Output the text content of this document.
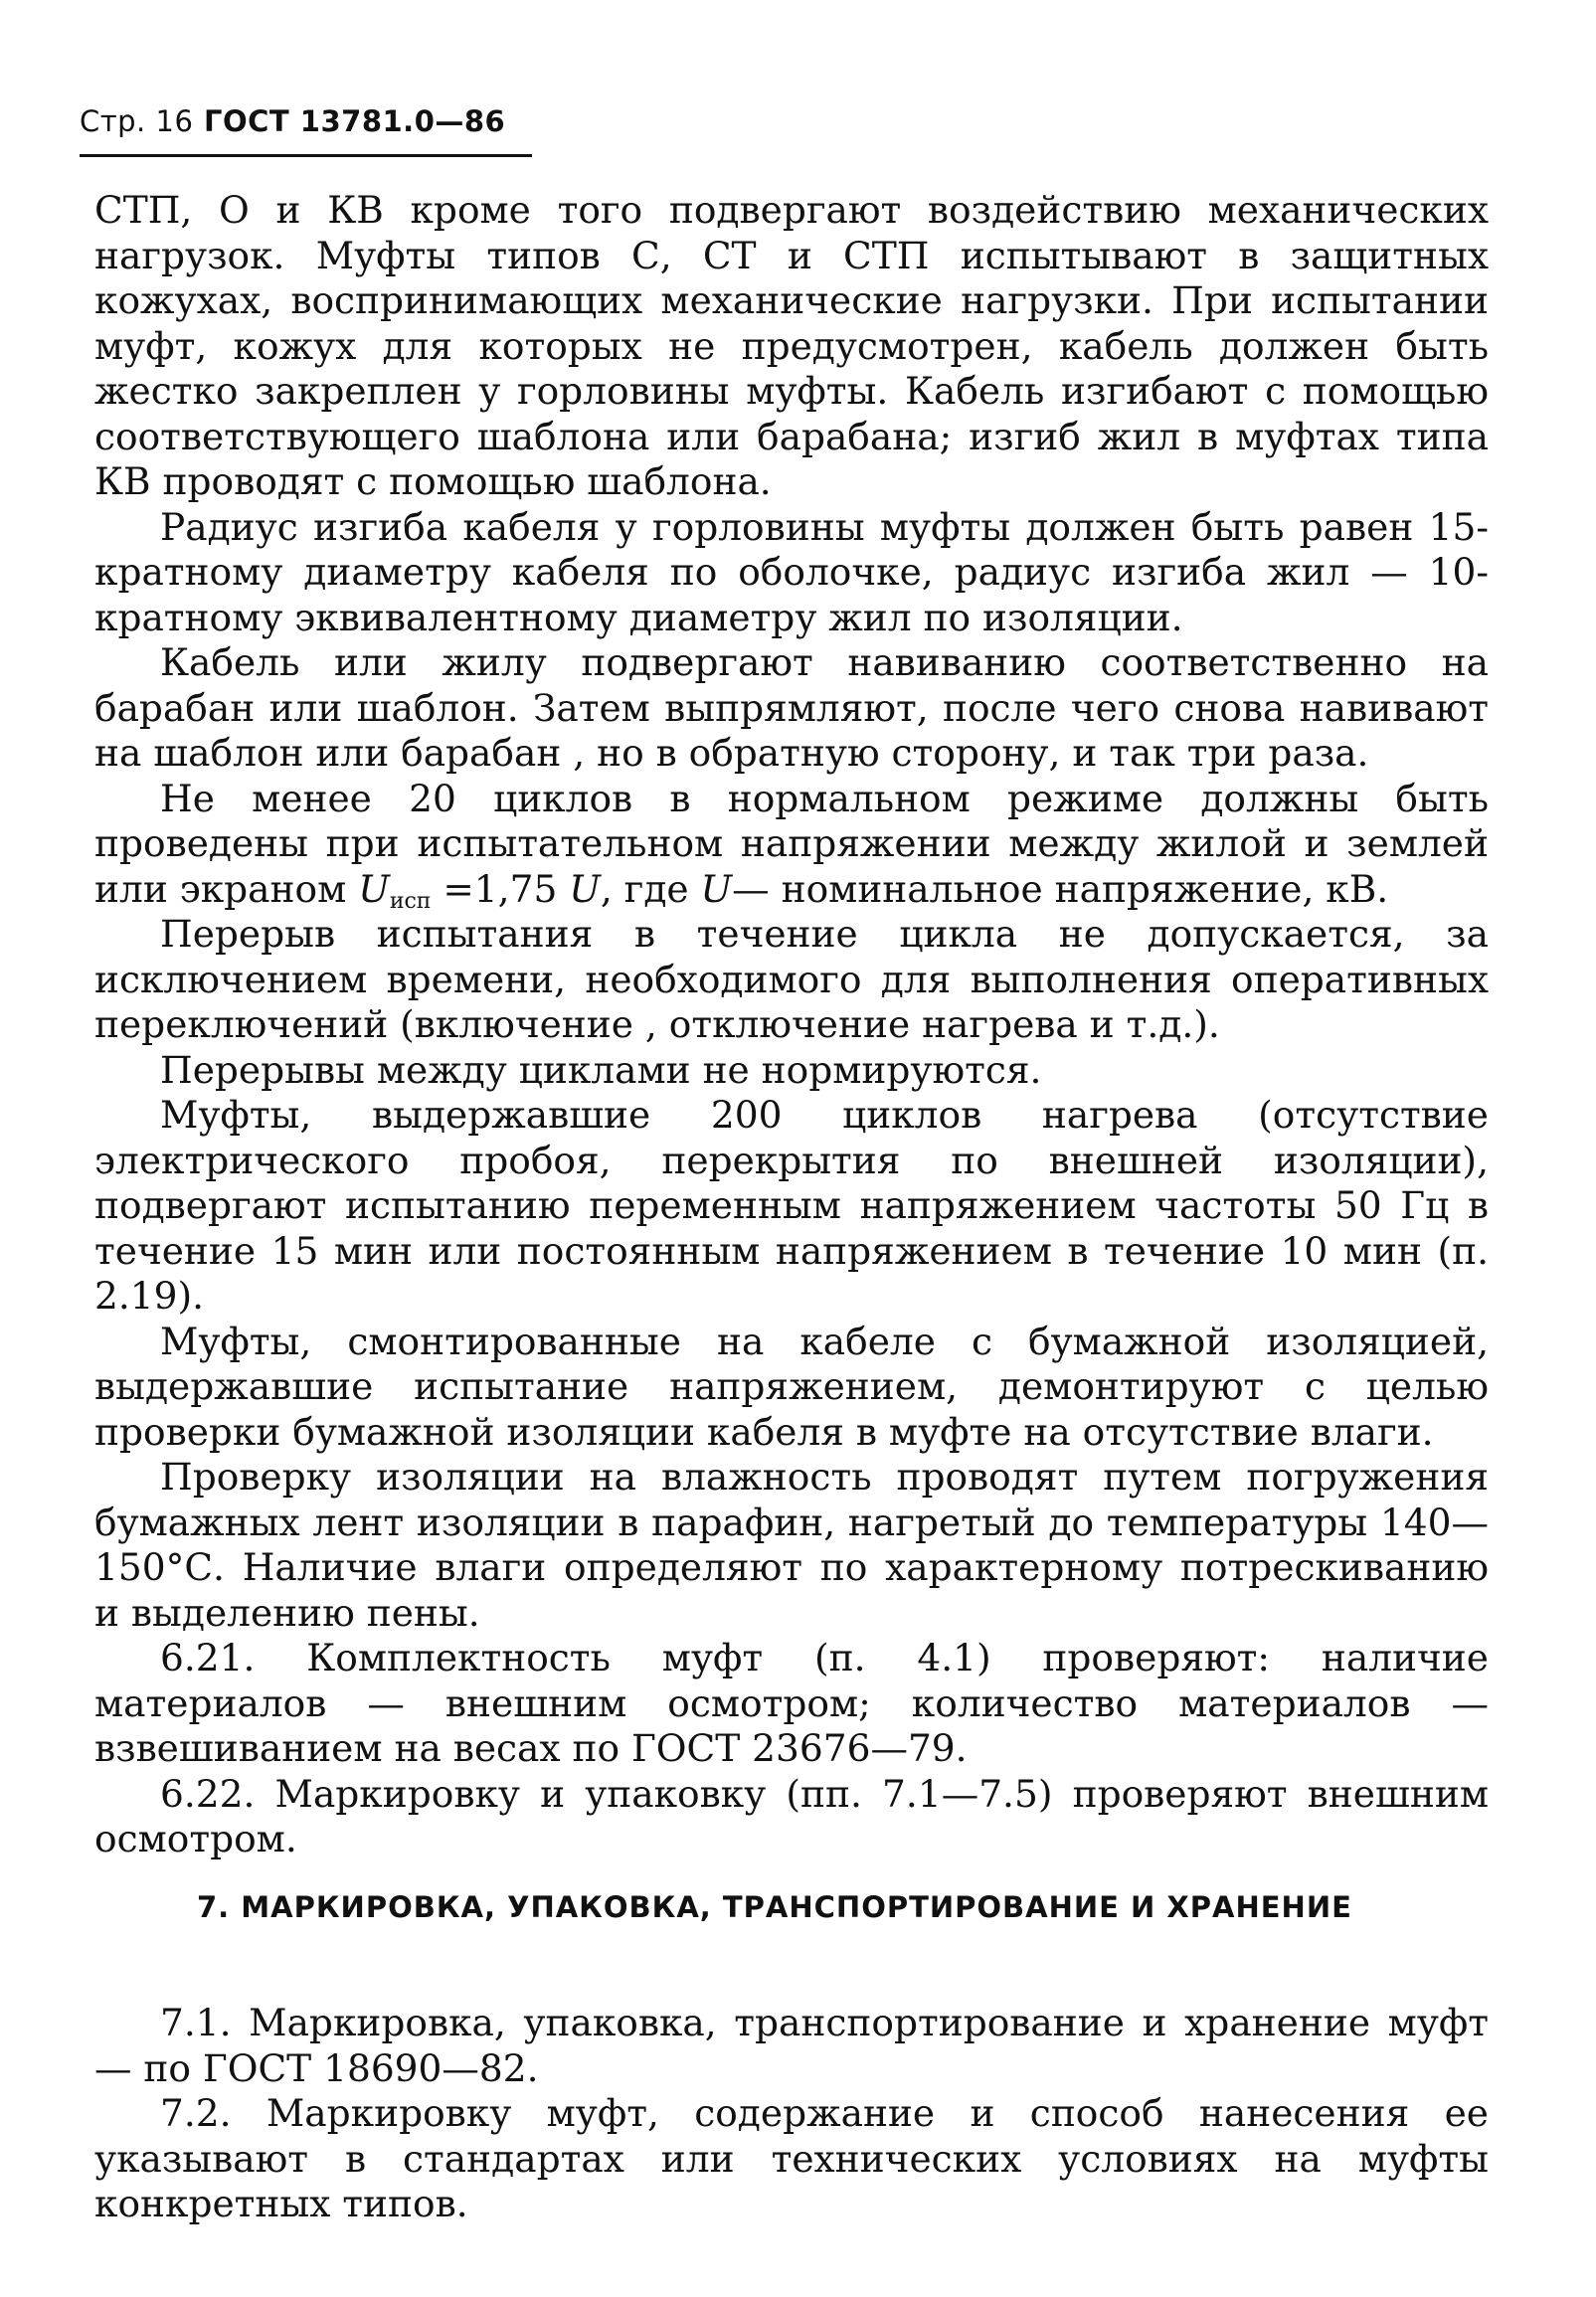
Стр. 16 ГОСТ 13781.0—86

СТП, О и КВ кроме того подвергают воздействию механических нагрузок. Муфты типов С, СТ и СТП испытывают в защитных кожухах, воспринимающих механические нагрузки. При испытании муфт, кожух для которых не предусмотрен, кабель должен быть жестко закреплен у горловины муфты. Кабель изгибают с помощью соответствующего шаблона или барабана; изгиб жил в муфтах типа КВ проводят с помощью шаблона.

Радиус изгиба кабеля у горловины муфты должен быть равен 15-кратному диаметру кабеля по оболочке, радиус изгиба жил — 10-кратному эквивалентному диаметру жил по изоляции.

Кабель или жилу подвергают навиванию соответственно на барабан или шаблон. Затем выпрямляют, после чего снова навивают на шаблон или барабан , но в обратную сторону, и так три раза.

Не менее 20 циклов в нормальном режиме должны быть проведены при испытательном напряжении между жилой и землей или экраном $U_{исп} =1,75$ U, где U— номинальное напряжение, кВ.

Перерыв испытания в течение цикла не допускается, за исключением времени, необходимого для выполнения оперативных переключений (включение , отключение нагрева и т.д.).

Перерывы между циклами не нормируются.

Муфты, выдержавшие 200 циклов нагрева (отсутствие электрического пробоя, перекрытия по внешней изоляции), подвергают испытанию переменным напряжением частоты 50 Гц в течение 15 мин или постоянным напряжением в течение 10 мин (п. 2.19).

Муфты, смонтированные на кабеле с бумажной изоляцией, выдержавшие испытание напряжением, демонтируют с целью проверки бумажной изоляции кабеля в муфте на отсутствие влаги.

Проверку изоляции на влажность проводят путем погружения бумажных лент изоляции в парафин, нагретый до температуры 140—150°С. Наличие влаги определяют по характерному потрескиванию и выделению пены.

6.21. Комплектность муфт (п. 4.1) проверяют: наличие материалов — внешним осмотром; количество материалов — взвешиванием на весах по ГОСТ 23676—79.

6.22. Маркировку и упаковку (пп. 7.1—7.5) проверяют внешним осмотром.

7. МАРКИРОВКА, УПАКОВКА, ТРАНСПОРТИРОВАНИЕ И ХРАНЕНИЕ

7.1. Маркировка, упаковка, транспортирование и хранение муфт — по ГОСТ 18690—82.

7.2. Маркировку муфт, содержание и способ нанесения ее указывают в стандартах или технических условиях на муфты конкретных типов.
